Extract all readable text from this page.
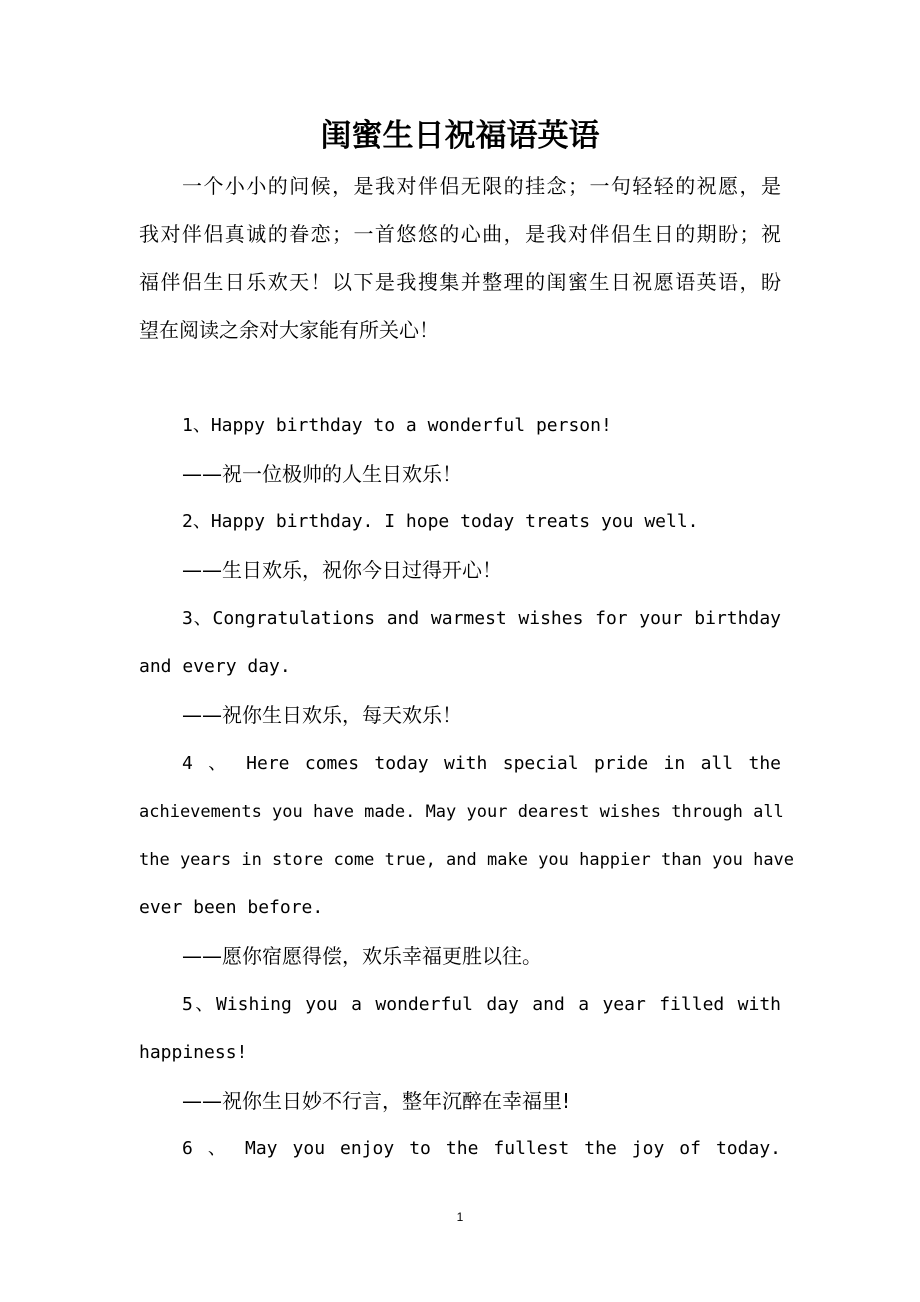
闺蜜生日祝福语英语
一个小小的问候，是我对伴侣无限的挂念；一句轻轻的祝愿，是
我对伴侣真诚的眷恋；一首悠悠的心曲，是我对伴侣生日的期盼；祝
福伴侣生日乐欢天！以下是我搜集并整理的闺蜜生日祝愿语英语，盼
望在阅读之余对大家能有所关心！
1、Happy birthday to a wonderful person!
——祝一位极帅的人生日欢乐！
2、Happy birthday. I hope today treats you well.
——生日欢乐，祝你今日过得开心！
3、Congratulations and warmest wishes for your birthday
and every day.
——祝你生日欢乐，每天欢乐！
4 、 Here comes today with special pride in all the
achievements you have made. May your dearest wishes through all
the years in store come true, and make you happier than you have
ever been before.
——愿你宿愿得偿，欢乐幸福更胜以往。
5、Wishing you a wonderful day and a year filled with
happiness!
——祝你生日妙不行言，整年沉醉在幸福里!
6 、 May you enjoy to the fullest the joy of today.
1
